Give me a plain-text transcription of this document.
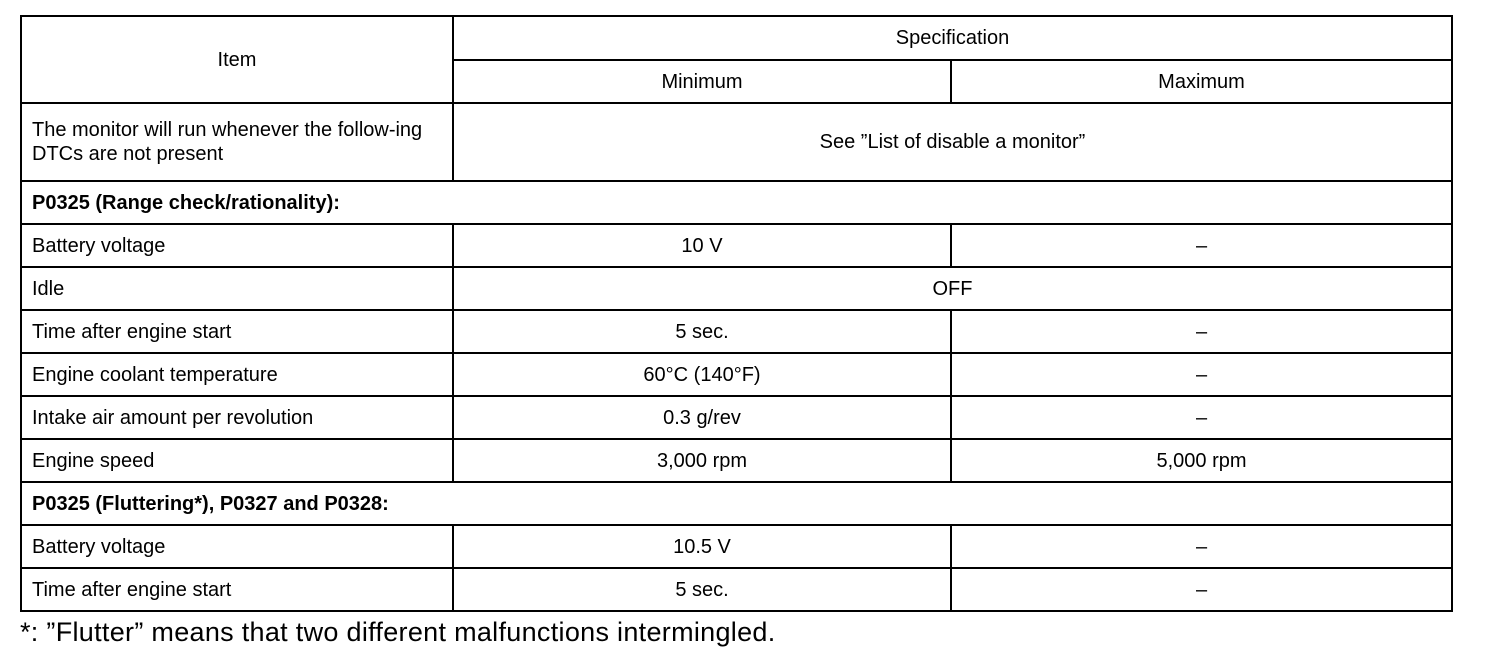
Item	Specification	
	Minimum	Maximum
The monitor will run whenever the follow-ing DTCs are not present	See ”List of disable a monitor”	
P0325 (Range check/rationality):		
Battery voltage	10 V	–
Idle	OFF	
Time after engine start	5 sec.	–
Engine coolant temperature	60°C (140°F)	–
Intake air amount per revolution	0.3 g/rev	–
Engine speed	3,000 rpm	5,000 rpm
P0325 (Fluttering*), P0327 and P0328:		
Battery voltage	10.5 V	–
Time after engine start	5 sec.	–
*: ”Flutter” means that two different malfunctions intermingled.
